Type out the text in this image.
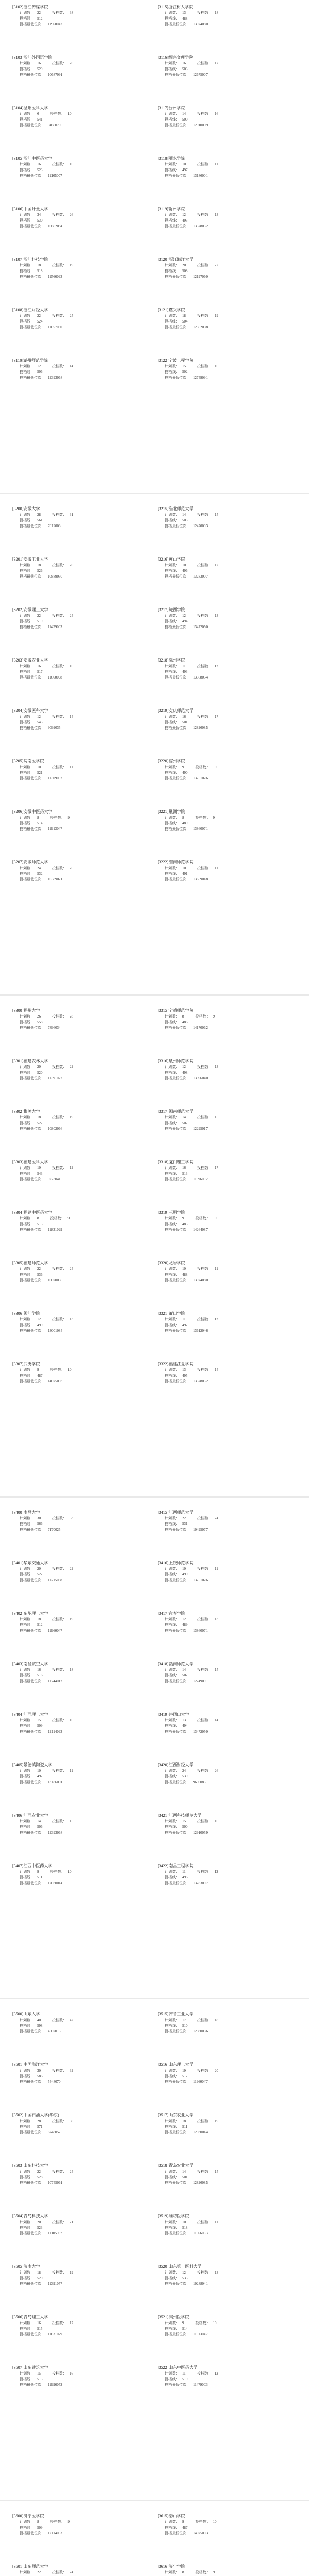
[3102]浙江传媒学院
计划数： 22	投档数： 38
投档线： 512
投档最低位次： 11960047
[3103]浙江外国语学院
计划数： 16	投档数： 20
投档线： 529
投档最低位次： 10687091
[3104]温州医科大学
计划数： 6	投档数： 10
投档线： 541
投档最低位次： 9460070
[3105]浙江中医药大学
计划数： 16	投档数： 16
投档线： 523
投档最低位次： 11105007
[3106]中国计量大学
计划数： 34	投档数： 26
投档线： 530
投档最低位次： 10602084
[3107]浙江科技学院
计划数： 18	投档数： 19
投档线： 518
投档最低位次： 11566093
[3108]浙江财经大学
计划数： 22	投档数： 25
投档线： 524
投档最低位次： 11057030
[3110]湖州师范学院
计划数： 12	投档数： 14
投档线： 506
投档最低位次： 12393068
[3115]浙江树人学院
计划数： 13	投档数： 18
投档线： 488
投档最低位次： 13974080
[3116]绍兴文理学院
计划数： 16	投档数： 17
投档线： 503
投档最低位次： 12675007
[3117]台州学院
计划数： 14	投档数： 16
投档线： 500
投档最低位次： 12910059
[3118]丽水学院
计划数： 10	投档数： 11
投档线： 497
投档最低位次： 13186001
[3119]衢州学院
计划数： 12	投档数： 13
投档线： 495
投档最低位次： 13378032
[3120]浙江海洋大学
计划数： 20	投档数： 22
投档线： 508
投档最低位次： 12197060
[3121]嘉兴学院
计划数： 18	投档数： 19
投档线： 504
投档最低位次： 12562008
[3122]宁波工程学院
计划数： 15	投档数： 16
投档线： 502
投档最低位次： 12749091
[3200]安徽大学
计划数： 28	投档数： 31
投档线： 561
投档最低位次： 7612008
[3201]安徽工业大学
计划数： 18	投档数： 20
投档线： 526
投档最低位次： 10889050
[3202]安徽理工大学
计划数： 22	投档数： 24
投档线： 519
投档最低位次： 11479003
[3203]安徽农业大学
计划数： 16	投档数： 16
投档线： 517
投档最低位次： 11660098
[3204]安徽医科大学
计划数： 12	投档数： 14
投档线： 545
投档最低位次： 9092035
[3205]皖南医学院
计划数： 10	投档数： 11
投档线： 521
投档最低位次： 11309062
[3206]安徽中医药大学
计划数： 8	投档数： 9
投档线： 514
投档最低位次： 11913047
[3207]安徽师范大学
计划数： 24	投档数： 26
投档线： 532
投档最低位次： 10389021
[3215]淮北师范大学
计划数： 14	投档数： 15
投档线： 505
投档最低位次： 12470093
[3216]黄山学院
计划数： 10	投档数： 12
投档线： 496
投档最低位次： 13283007
[3217]皖西学院
计划数： 12	投档数： 13
投档线： 494
投档最低位次： 13472050
[3218]滁州学院
计划数： 11	投档数： 12
投档线： 493
投档最低位次： 13568034
[3219]安庆师范大学
计划数： 16	投档数： 17
投档线： 501
投档最低位次： 12826085
[3220]宿州学院
计划数： 9	投档数： 10
投档线： 490
投档最低位次： 13751026
[3221]巢湖学院
计划数： 8	投档数： 9
投档线： 489
投档最低位次： 13860071
[3222]淮南师范学院
计划数： 10	投档数： 11
投档线： 491
投档最低位次： 13659018
[3300]福州大学
计划数： 26	投档数： 28
投档线： 558
投档最低位次： 7896034
[3301]福建农林大学
计划数： 20	投档数： 22
投档线： 520
投档最低位次： 11391077
[3302]集美大学
计划数： 18	投档数： 19
投档线： 527
投档最低位次： 10802066
[3303]福建医科大学
计划数： 10	投档数： 12
投档线： 543
投档最低位次： 9273041
[3304]福建中医药大学
计划数： 8	投档数： 9
投档线： 515
投档最低位次： 11831029
[3305]福建师范大学
计划数： 22	投档数： 24
投档线： 536
投档最低位次： 10020056
[3306]闽江学院
计划数： 12	投档数： 13
投档线： 499
投档最低位次： 13001084
[3307]武夷学院
计划数： 9	投档数： 10
投档线： 487
投档最低位次： 14075003
[3315]宁德师范学院
计划数： 8	投档数： 9
投档线： 486
投档最低位次： 14170062
[3316]泉州师范学院
计划数： 12	投档数： 13
投档线： 498
投档最低位次： 13096040
[3317]闽南师范大学
计划数： 14	投档数： 15
投档线： 507
投档最低位次： 12295017
[3318]厦门理工学院
计划数： 16	投档数： 17
投档线： 513
投档最低位次： 11996052
[3319]三明学院
计划数： 9	投档数： 10
投档线： 485
投档最低位次： 14264087
[3320]龙岩学院
计划数： 10	投档数： 11
投档线： 488
投档最低位次： 13974080
[3321]莆田学院
计划数： 11	投档数： 12
投档线： 492
投档最低位次： 13612046
[3322]福建江夏学院
计划数： 13	投档数： 14
投档线： 495
投档最低位次： 13378032
[3400]南昌大学
计划数： 30	投档数： 33
投档线： 566
投档最低位次： 7170025
[3401]华东交通大学
计划数： 20	投档数： 22
投档线： 522
投档最低位次： 11215038
[3402]东华理工大学
计划数： 18	投档数： 19
投档线： 512
投档最低位次： 11960047
[3403]南昌航空大学
计划数： 16	投档数： 18
投档线： 516
投档最低位次： 11744012
[3404]江西理工大学
计划数： 15	投档数： 16
投档线： 509
投档最低位次： 12114093
[3405]景德镇陶瓷大学
计划数： 10	投档数： 11
投档线： 497
投档最低位次： 13186001
[3406]江西农业大学
计划数： 14	投档数： 15
投档线： 506
投档最低位次： 12393068
[3407]江西中医药大学
计划数： 9	投档数： 10
投档线： 511
投档最低位次： 12030014
[3415]江西师范大学
计划数： 22	投档数： 24
投档线： 531
投档最低位次： 10495077
[3416]上饶师范学院
计划数： 10	投档数： 11
投档线： 490
投档最低位次： 13751026
[3417]宜春学院
计划数： 12	投档数： 13
投档线： 489
投档最低位次： 13860071
[3418]赣南师范大学
计划数： 14	投档数： 15
投档线： 502
投档最低位次： 12749091
[3419]井冈山大学
计划数： 13	投档数： 14
投档线： 494
投档最低位次： 13472050
[3420]江西财经大学
计划数： 24	投档数： 26
投档线： 539
投档最低位次： 9690083
[3421]江西科技师范大学
计划数： 15	投档数： 16
投档线： 500
投档最低位次： 12910059
[3422]南昌工程学院
计划数： 11	投档数： 12
投档线： 496
投档最低位次： 13283007
[3500]山东大学
计划数： 40	投档数： 42
投档线： 598
投档最低位次： 4502013
[3501]中国海洋大学
计划数： 30	投档数： 32
投档线： 586
投档最低位次： 5448070
[3502]中国石油大学(华东)
计划数： 28	投档数： 30
投档线： 571
投档最低位次： 6748052
[3503]山东科技大学
计划数： 22	投档数： 24
投档线： 528
投档最低位次： 10745061
[3504]青岛科技大学
计划数： 20	投档数： 21
投档线： 523
投档最低位次： 11105007
[3505]济南大学
计划数： 18	投档数： 19
投档线： 520
投档最低位次： 11391077
[3506]青岛理工大学
计划数： 16	投档数： 17
投档线： 515
投档最低位次： 11831029
[3507]山东建筑大学
计划数： 15	投档数： 16
投档线： 513
投档最低位次： 11996052
[3515]齐鲁工业大学
计划数： 17	投档数： 18
投档线： 510
投档最低位次： 12080036
[3516]山东理工大学
计划数： 19	投档数： 20
投档线： 512
投档最低位次： 11960047
[3517]山东农业大学
计划数： 18	投档数： 19
投档线： 511
投档最低位次： 12030014
[3518]青岛农业大学
计划数： 14	投档数： 15
投档线： 501
投档最低位次： 12826085
[3519]潍坊医学院
计划数： 10	投档数： 11
投档线： 518
投档最低位次： 11566093
[3520]山东第一医科大学
计划数： 12	投档数： 13
投档线： 533
投档最低位次： 10288041
[3521]滨州医学院
计划数： 9	投档数： 10
投档线： 514
投档最低位次： 11913047
[3522]山东中医药大学
计划数： 11	投档数： 12
投档线： 519
投档最低位次： 11479003
[3600]济宁医学院
计划数： 8	投档数： 9
投档线： 509
投档最低位次： 12114093
[3601]山东师范大学
计划数： 22	投档数： 24
[3615]泰山学院
计划数： 9	投档数： 10
投档线： 487
投档最低位次： 14075003
[3616]济宁学院
计划数： 8	投档数： 9
